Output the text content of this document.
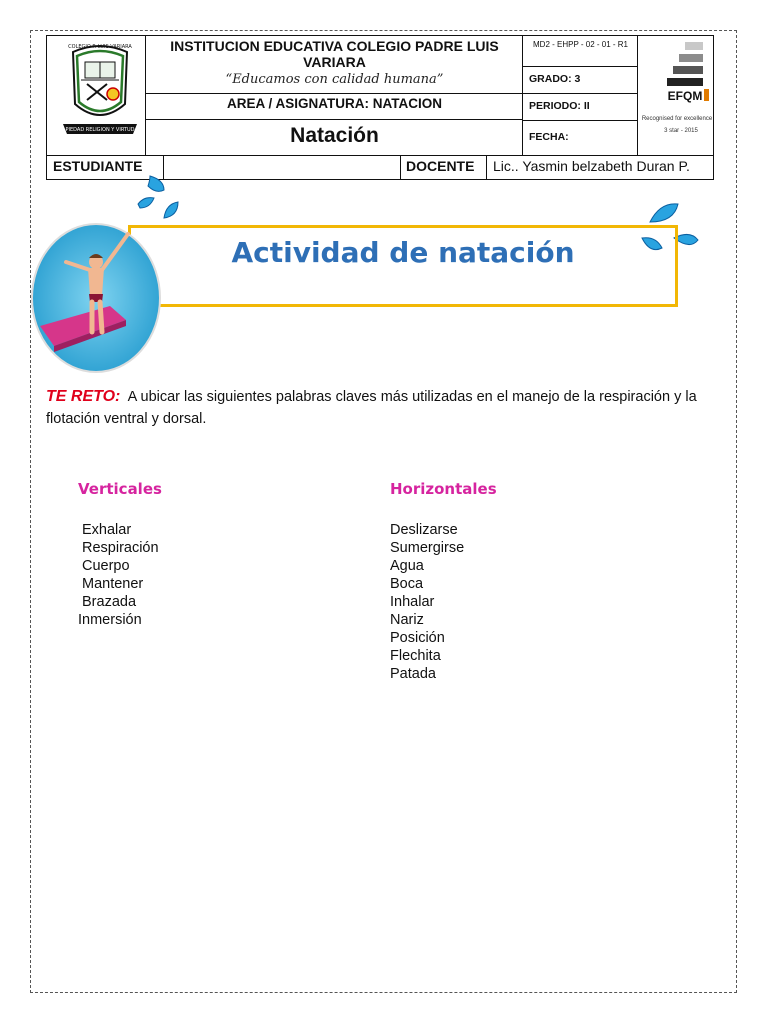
COLEGIO P. LUIS VARIARA
PIEDAD RELIGION Y VIRTUD
INSTITUCION EDUCATIVA COLEGIO PADRE LUIS VARIARA
“Educamos con calidad humana”
AREA / ASIGNATURA: NATACION
Natación
MD2 - EHPP - 02 - 01 - R1
GRADO: 3
PERIODO: II
FECHA:
EFQM
Recognised for excellence
3 star - 2015
ESTUDIANTE	DOCENTE Lic.. Yasmin belzabeth Duran P.
Actividad de natación
TE RETO: A ubicar las siguientes palabras claves más utilizadas en el manejo de la respiración y la flotación ventral y dorsal.
Verticales
Exhalar
Respiración
Cuerpo
Mantener
Brazada
Inmersión
Horizontales
Deslizarse
Sumergirse
Agua
Boca
Inhalar
Nariz
Posición
Flechita
Patada
